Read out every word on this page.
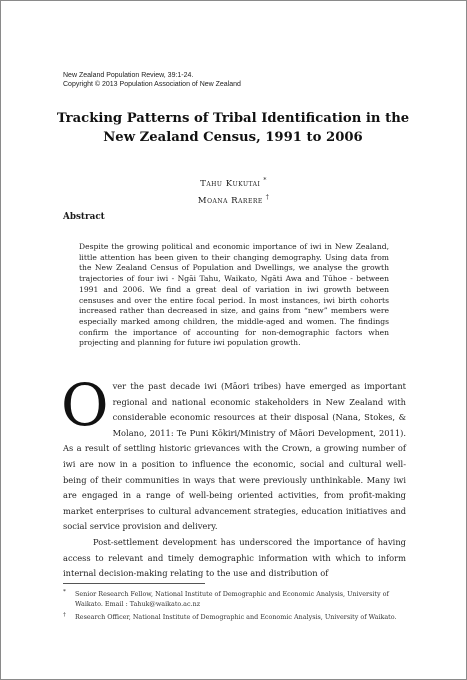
New Zealand Population Review, 39:1-24.
Copyright © 2013 Population Association of New Zealand
Tracking Patterns of Tribal Identification in the New Zealand Census, 1991 to 2006
Tahu Kukutai *
Moana Rarere †
Abstract
Despite the growing political and economic importance of iwi in New Zealand, little attention has been given to their changing demography. Using data from the New Zealand Census of Population and Dwellings, we analyse the growth trajectories of four iwi - Ngāi Tahu, Waikato, Ngāti Awa and Tūhoe - between 1991 and 2006. We find a great deal of variation in iwi growth between censuses and over the entire focal period. In most instances, iwi birth cohorts increased rather than decreased in size, and gains from “new” members were especially marked among children, the middle-aged and women. The findings confirm the importance of accounting for non-demographic factors when projecting and planning for future iwi population growth.

Over the past decade iwi (Māori tribes) have emerged as important regional and national economic stakeholders in New Zealand with considerable economic resources at their disposal (Nana, Stokes, & Molano, 2011: Te Puni Kōkiri/Ministry of Māori Development, 2011). As a result of settling historic grievances with the Crown, a growing number of iwi are now in a position to influence the economic, social and cultural well-being of their communities in ways that were previously unthinkable. Many iwi are engaged in a range of well-being oriented activities, from profit-making market enterprises to cultural advancement strategies, education initiatives and social service provision and delivery.

Post-settlement development has underscored the importance of having access to relevant and timely demographic information with which to inform internal decision-making relating to the use and distribution of

* Senior Research Fellow, National Institute of Demographic and Economic Analysis, University of Waikato. Email : Tahuk@waikato.ac.nz
† Research Officer, National Institute of Demographic and Economic Analysis, University of Waikato.
